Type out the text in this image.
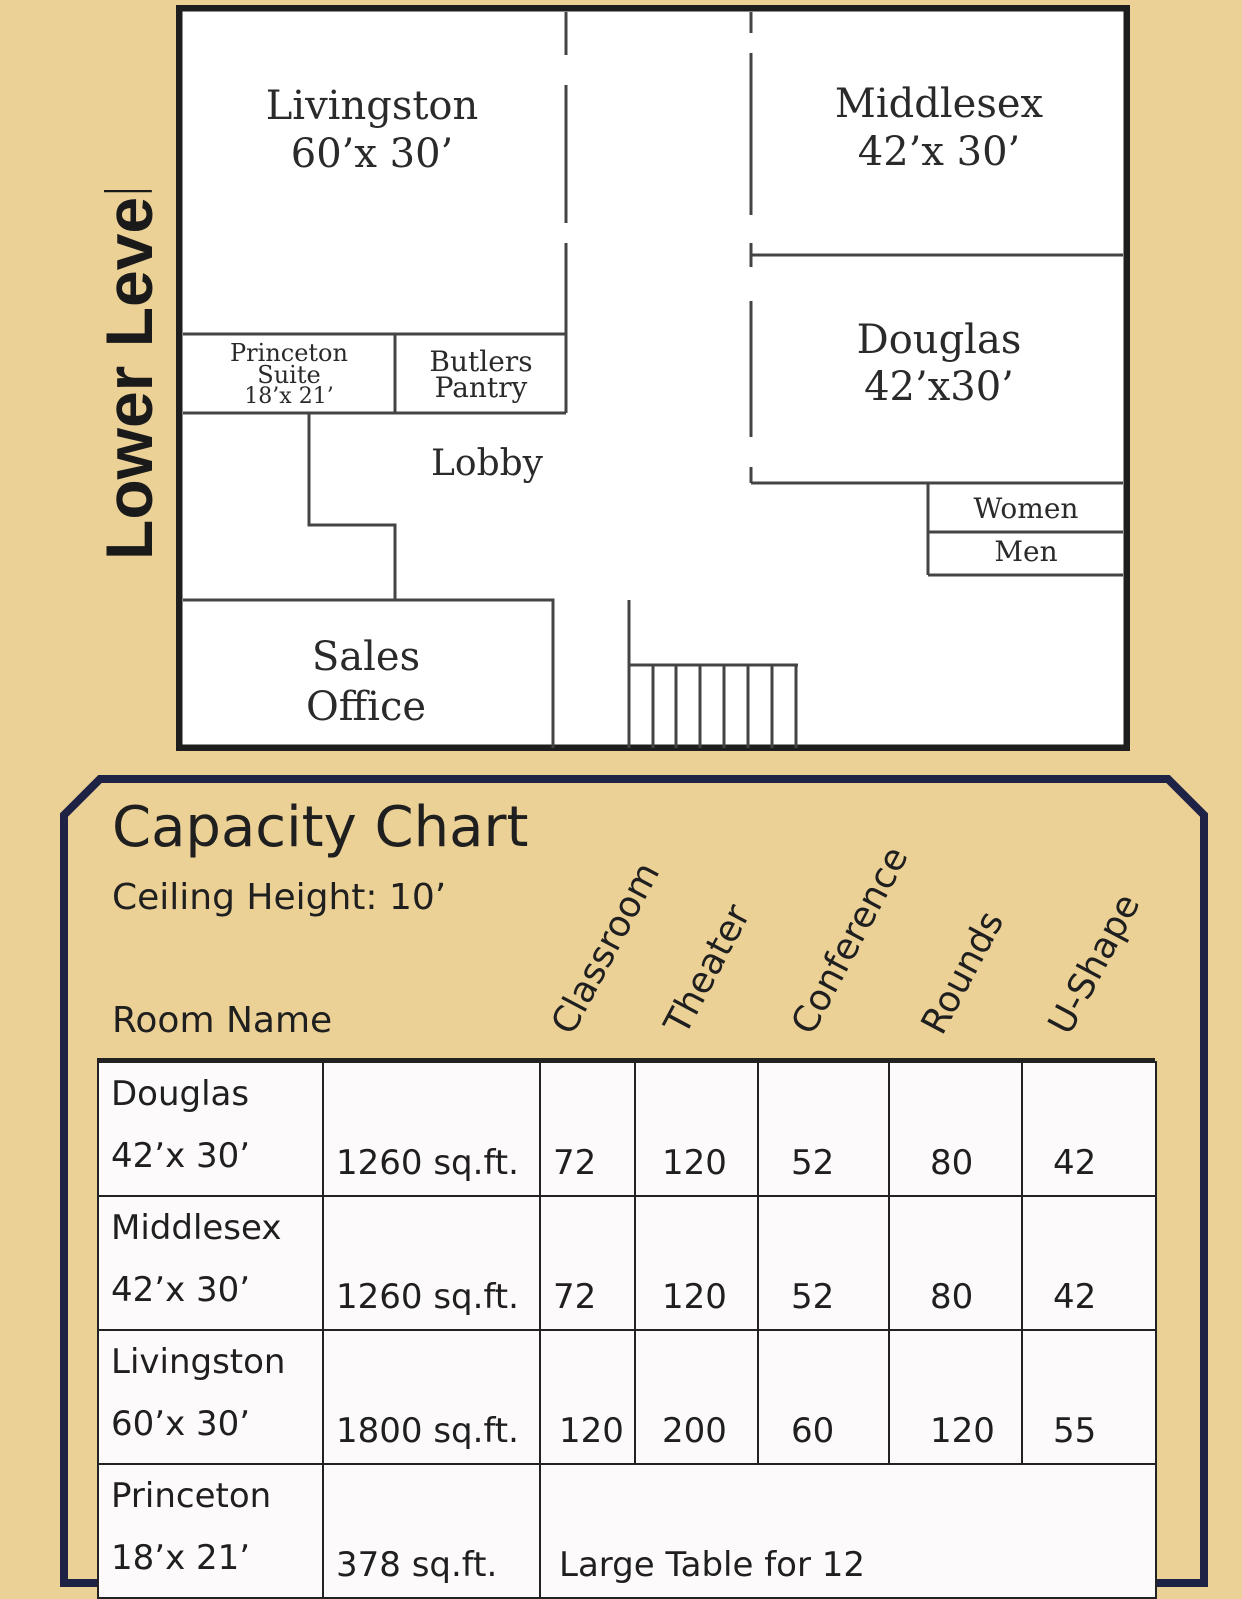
Lower Level
Livingston
60’x 30’
Middlesex
42’x 30’
Douglas
42’x30’
Princeton
Suite
18’x 21’
Butlers
Pantry
Lobby
Women
Men
Sales
Office
Capacity Chart
Ceiling Height: 10’
Room Name	Classroom
Theater Conference
Rounds U-Shape
Douglas
42’x 30’	1260 sq.ft.	72	120	52	80	42

Middlesex
42’x 30’	1260 sq.ft.	72	120	52	80	42

Livingston
60’x 30’	1800 sq.ft.	120	200	60	120	55

Princeton
18’x 21’	378 sq.ft.	Large Table for 12				
